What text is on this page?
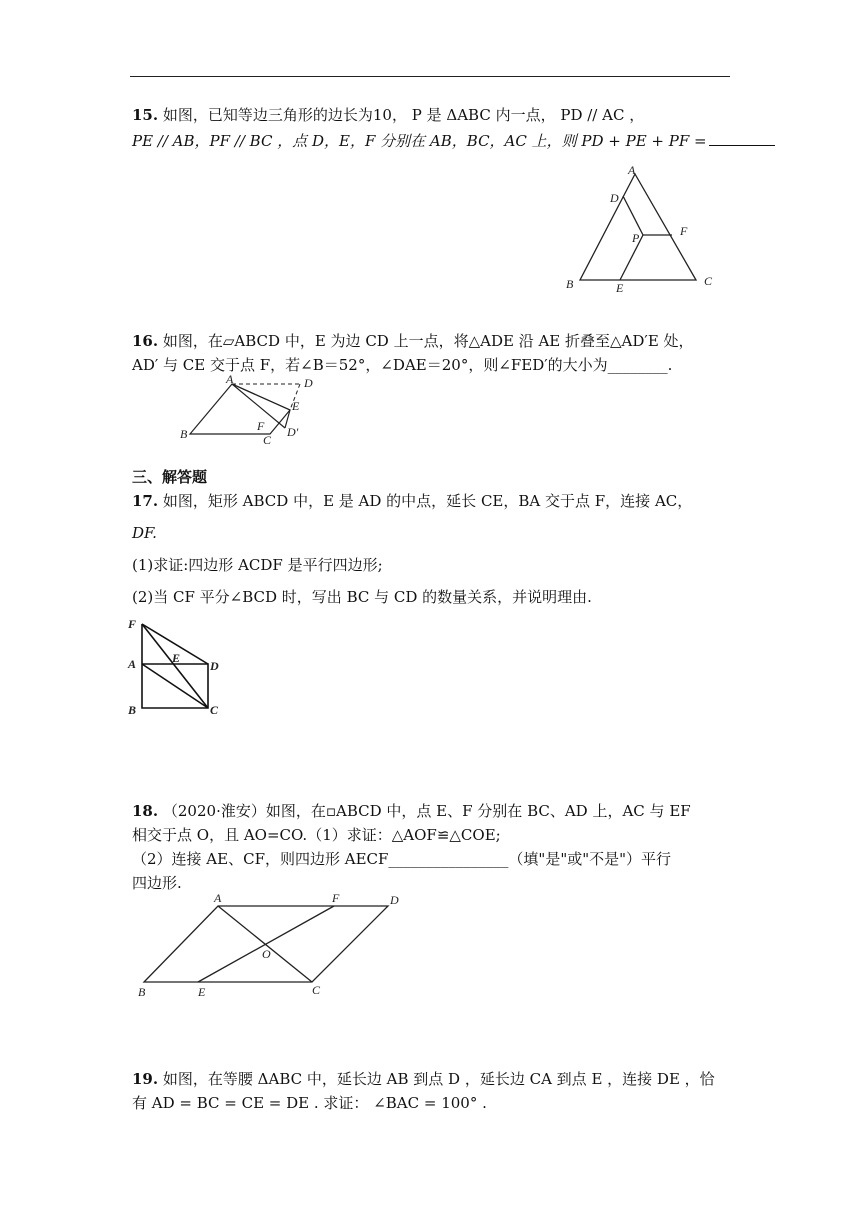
15. 如图，已知等边三角形的边长为10， P 是 ΔABC 内一点， PD // AC ，
PE // AB，PF // BC ，点 D，E，F 分别在 AB，BC，AC 上，则 PD + PE + PF =
A
D
P	F
B	E	C
16. 如图，在▱ABCD 中，E 为边 CD 上一点，将△ADE 沿 AE 折叠至△AD′E 处，
AD′ 与 CE 交于点 F，若∠B＝52°，∠DAE＝20°，则∠FED′的大小为________.
A	D
E
B
F
C
D′
三、解答题
17. 如图，矩形 ABCD 中，E 是 AD 的中点，延长 CE，BA 交于点 F，连接 AC，
DF.
(1)求证:四边形 ACDF 是平行四边形;
(2)当 CF 平分∠BCD 时，写出 BC 与 CD 的数量关系，并说明理由.
F
A	E
D
B	C
18. （2020·淮安）如图，在▫ABCD 中，点 E、F 分别在 BC、AD 上，AC 与 EF
相交于点 O，且 AO=CO.（1）求证：△AOF≌△COE;
（2）连接 AE、CF，则四边形 AECF________________（填"是"或"不是"）平行
四边形.
A	F	D
O
B	E	C
19. 如图，在等腰 ΔABC 中，延长边 AB 到点 D ，延长边 CA 到点 E ，连接 DE ，恰
有 AD = BC = CE = DE . 求证： ∠BAC = 100° .
